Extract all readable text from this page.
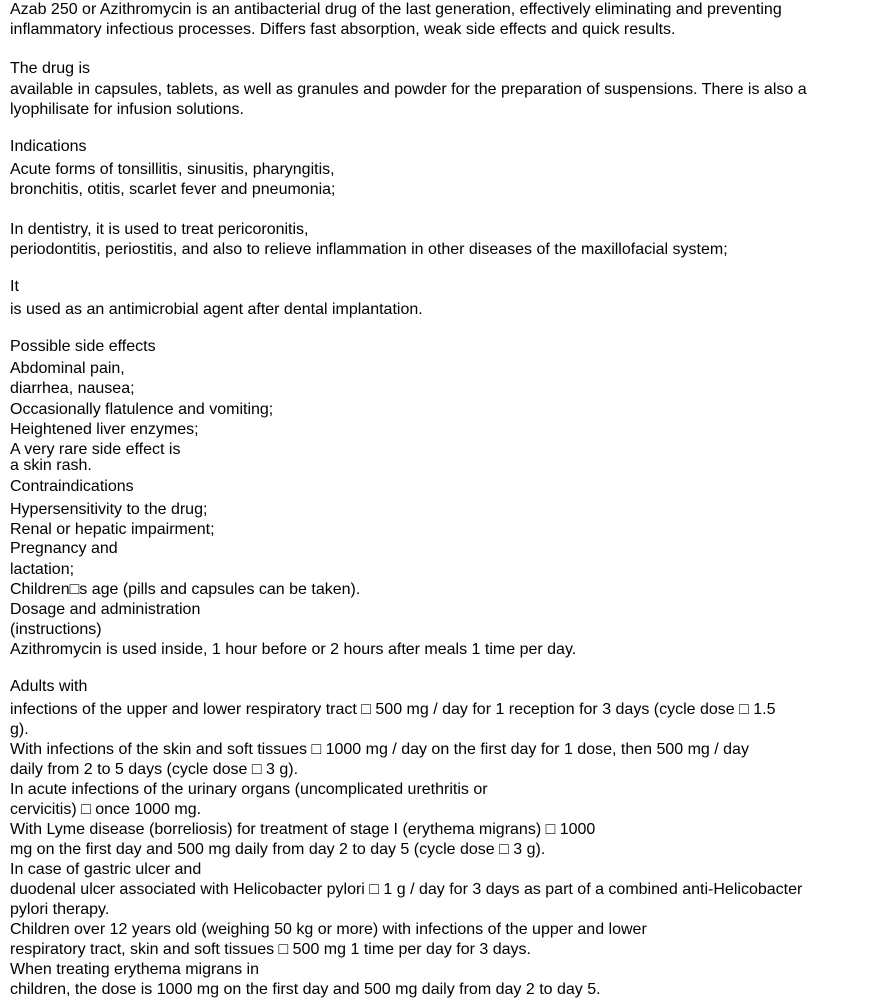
Azab 250 or Azithromycin is an antibacterial drug of the last generation, effectively eliminating and preventing
inflammatory infectious processes. Differs fast absorption, weak side effects and quick results.
The drug is
available in capsules, tablets, as well as granules and powder for the preparation of suspensions. There is also a
lyophilisate for infusion solutions.
Indications
Acute forms of tonsillitis, sinusitis, pharyngitis,
bronchitis, otitis, scarlet fever and pneumonia;
In dentistry, it is used to treat pericoronitis,
periodontitis, periostitis, and also to relieve inflammation in other diseases of the maxillofacial system;
It
is used as an antimicrobial agent after dental implantation.
Possible side effects
Abdominal pain,
diarrhea, nausea;
Occasionally flatulence and vomiting;
Heightened liver enzymes;
A very rare side effect is
a skin rash.
Contraindications
Hypersensitivity to the drug;
Renal or hepatic impairment;
Pregnancy and
lactation;
Children□s age (pills and capsules can be taken).
Dosage and administration
(instructions)
Azithromycin is used inside, 1 hour before or 2 hours after meals 1 time per day.
Adults with
infections of the upper and lower respiratory tract □ 500 mg / day for 1 reception for 3 days (cycle dose □ 1.5
g).
With infections of the skin and soft tissues □ 1000 mg / day on the first day for 1 dose, then 500 mg / day
daily from 2 to 5 days (cycle dose □ 3 g).
In acute infections of the urinary organs (uncomplicated urethritis or
cervicitis) □ once 1000 mg.
With Lyme disease (borreliosis) for treatment of stage I (erythema migrans) □ 1000
mg on the first day and 500 mg daily from day 2 to day 5 (cycle dose □ 3 g).
In case of gastric ulcer and
duodenal ulcer associated with Helicobacter pylori □ 1 g / day for 3 days as part of a combined anti-Helicobacter
pylori therapy.
Children over 12 years old (weighing 50 kg or more) with infections of the upper and lower
respiratory tract, skin and soft tissues □ 500 mg 1 time per day for 3 days.
When treating erythema migrans in
children, the dose is 1000 mg on the first day and 500 mg daily from day 2 to day 5.
